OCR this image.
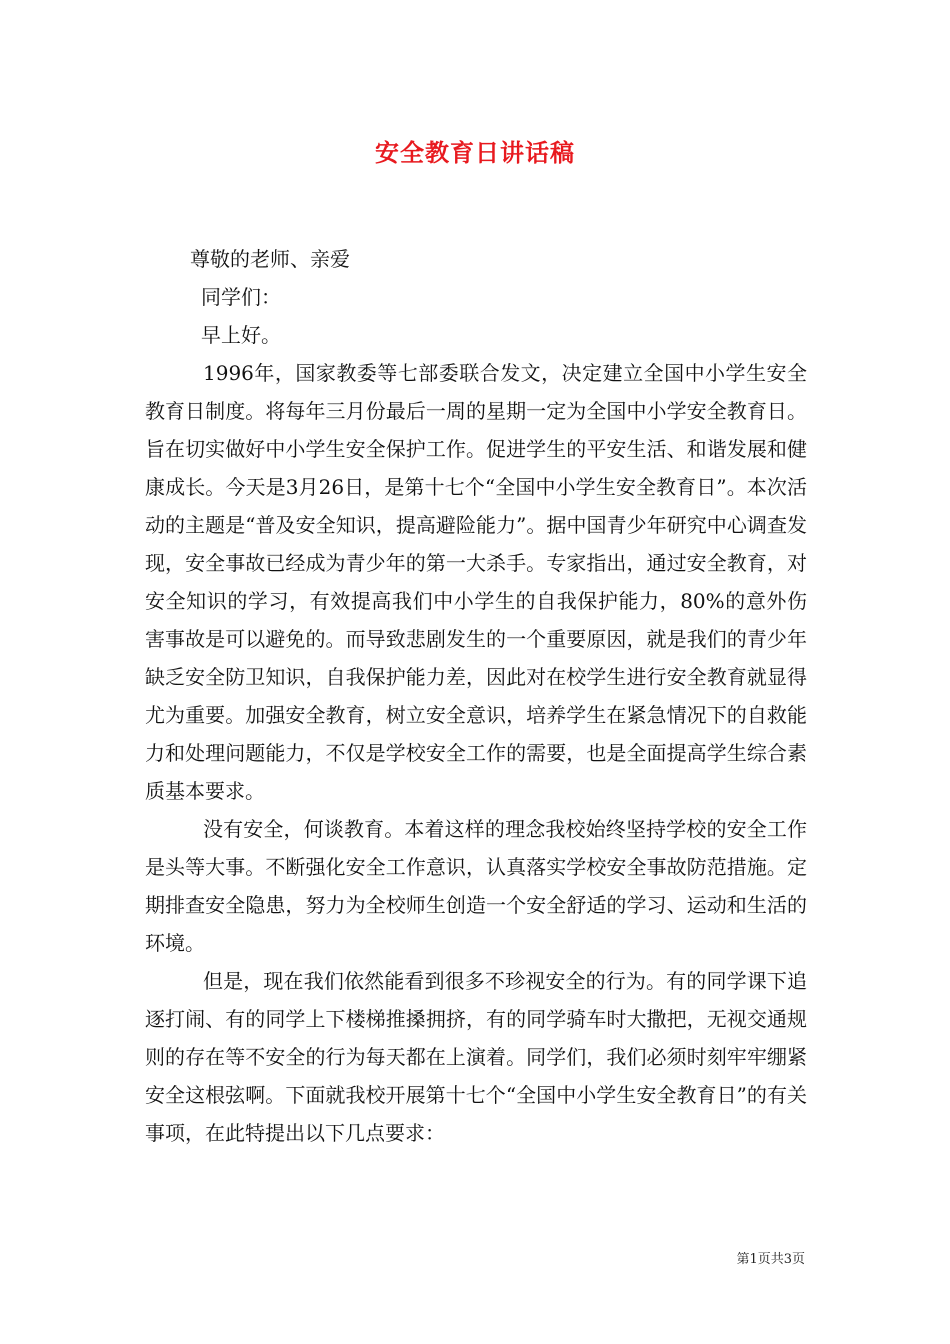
安全教育日讲话稿
尊敬的老师、亲爱
同学们：
早上好。

1996年，国家教委等七部委联合发文，决定建立全国中小学生安全教育日制度。将每年三月份最后一周的星期一定为全国中小学安全教育日。旨在切实做好中小学生安全保护工作。促进学生的平安生活、和谐发展和健康成长。今天是3月26日，是第十七个“全国中小学生安全教育日”。本次活动的主题是“普及安全知识，提高避险能力”。据中国青少年研究中心调查发现，安全事故已经成为青少年的第一大杀手。专家指出，通过安全教育，对安全知识的学习，有效提高我们中小学生的自我保护能力，80%的意外伤害事故是可以避免的。而导致悲剧发生的一个重要原因，就是我们的青少年缺乏安全防卫知识，自我保护能力差，因此对在校学生进行安全教育就显得尤为重要。加强安全教育，树立安全意识，培养学生在紧急情况下的自救能力和处理问题能力，不仅是学校安全工作的需要，也是全面提高学生综合素质基本要求。

没有安全，何谈教育。本着这样的理念我校始终坚持学校的安全工作是头等大事。不断强化安全工作意识，认真落实学校安全事故防范措施。定期排查安全隐患，努力为全校师生创造一个安全舒适的学习、运动和生活的环境。

但是，现在我们依然能看到很多不珍视安全的行为。有的同学课下追逐打闹、有的同学上下楼梯推搡拥挤，有的同学骑车时大撒把，无视交通规则的存在等不安全的行为每天都在上演着。同学们，我们必须时刻牢牢绷紧安全这根弦啊。下面就我校开展第十七个“全国中小学生安全教育日”的有关事项，在此特提出以下几点要求：

第1页共3页
